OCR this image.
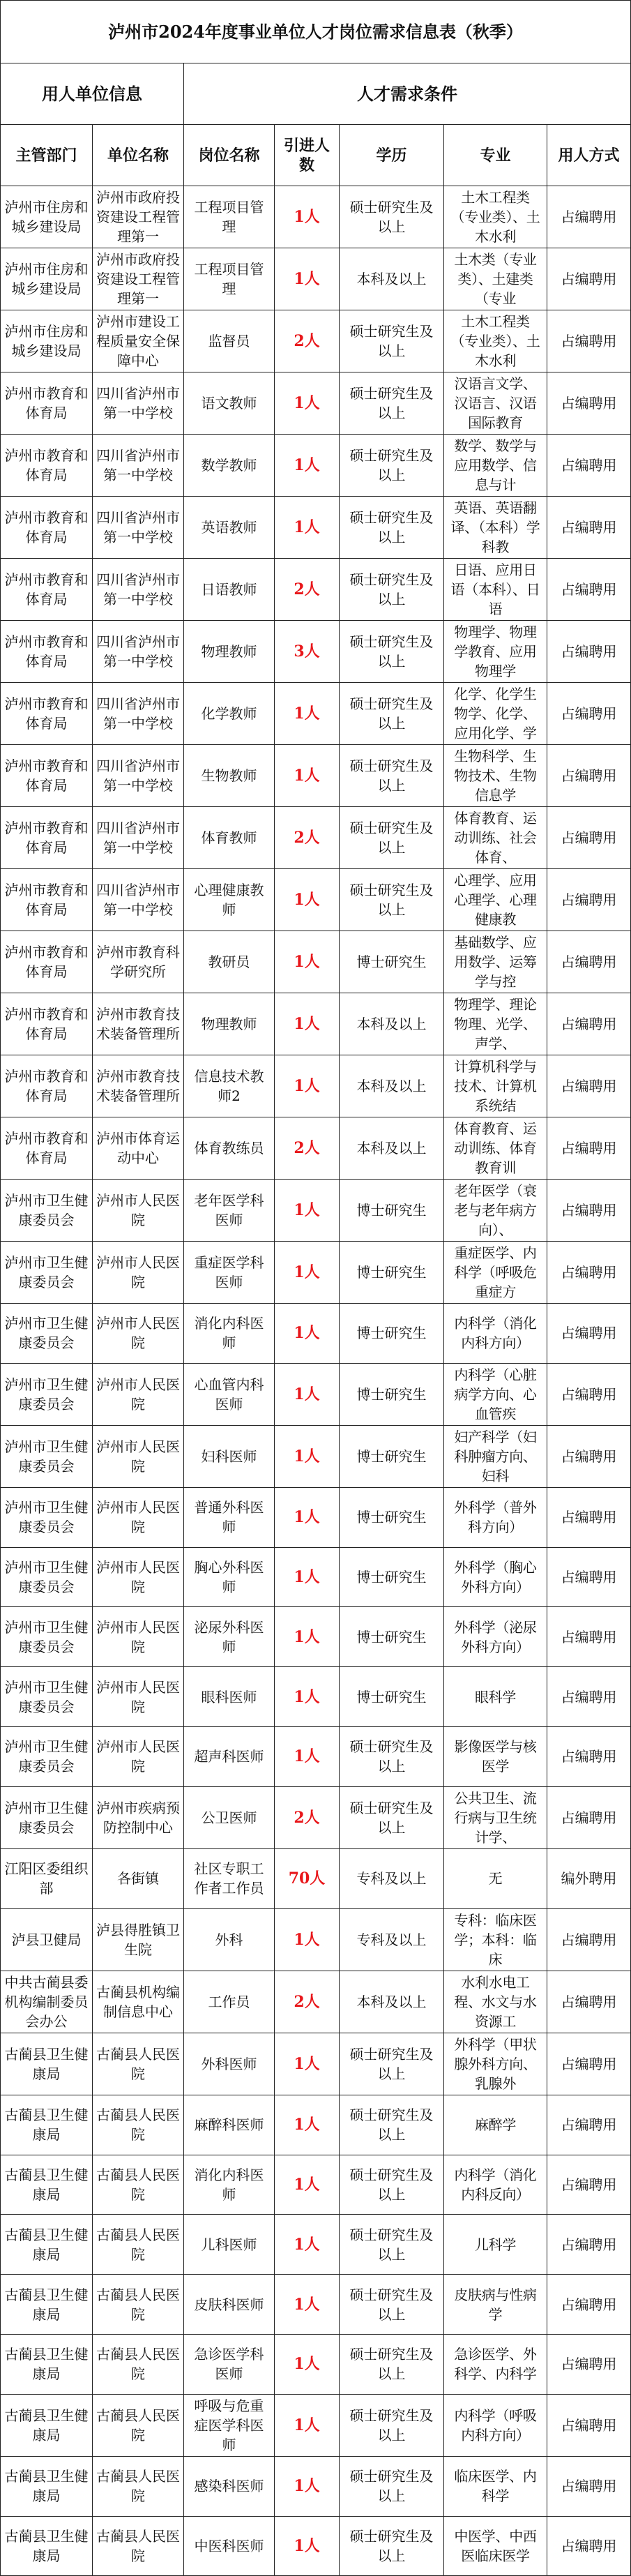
泸州市2024年度事业单位人才岗位需求信息表（秋季）						
用人单位信息		人才需求条件				
主管部门	单位名称	岗位名称	引进人数	学历	专业	用人方式
泸州市住房和城乡建设局	泸州市政府投资建设工程管理第一	工程项目管理	1人	硕士研究生及以上	土木工程类（专业类）、土木水利	占编聘用
泸州市住房和城乡建设局	泸州市政府投资建设工程管理第一	工程项目管理	1人	本科及以上	土木类（专业类）、土建类（专业	占编聘用
泸州市住房和城乡建设局	泸州市建设工程质量安全保障中心	监督员	2人	硕士研究生及以上	土木工程类（专业类）、土木水利	占编聘用
泸州市教育和体育局	四川省泸州市第一中学校	语文教师	1人	硕士研究生及以上	汉语言文学、汉语言、汉语国际教育	占编聘用
泸州市教育和体育局	四川省泸州市第一中学校	数学教师	1人	硕士研究生及以上	数学、数学与应用数学、信息与计	占编聘用
泸州市教育和体育局	四川省泸州市第一中学校	英语教师	1人	硕士研究生及以上	英语、英语翻译、（本科）学科教	占编聘用
泸州市教育和体育局	四川省泸州市第一中学校	日语教师	2人	硕士研究生及以上	日语、应用日语（本科）、日语	占编聘用
泸州市教育和体育局	四川省泸州市第一中学校	物理教师	3人	硕士研究生及以上	物理学、物理学教育、应用物理学	占编聘用
泸州市教育和体育局	四川省泸州市第一中学校	化学教师	1人	硕士研究生及以上	化学、化学生物学、化学、应用化学、学	占编聘用
泸州市教育和体育局	四川省泸州市第一中学校	生物教师	1人	硕士研究生及以上	生物科学、生物技术、生物信息学	占编聘用
泸州市教育和体育局	四川省泸州市第一中学校	体育教师	2人	硕士研究生及以上	体育教育、运动训练、社会体育、	占编聘用
泸州市教育和体育局	四川省泸州市第一中学校	心理健康教师	1人	硕士研究生及以上	心理学、应用心理学、心理健康教	占编聘用
泸州市教育和体育局	泸州市教育科学研究所	教研员	1人	博士研究生	基础数学、应用数学、运筹学与控	占编聘用
泸州市教育和体育局	泸州市教育技术装备管理所	物理教师	1人	本科及以上	物理学、理论物理、光学、声学、	占编聘用
泸州市教育和体育局	泸州市教育技术装备管理所	信息技术教师2	1人	本科及以上	计算机科学与技术、计算机系统结	占编聘用
泸州市教育和体育局	泸州市体育运动中心	体育教练员	2人	本科及以上	体育教育、运动训练、体育教育训	占编聘用
泸州市卫生健康委员会	泸州市人民医院	老年医学科医师	1人	博士研究生	老年医学（衰老与老年病方向）、	占编聘用
泸州市卫生健康委员会	泸州市人民医院	重症医学科医师	1人	博士研究生	重症医学、内科学（呼吸危重症方	占编聘用
泸州市卫生健康委员会	泸州市人民医院	消化内科医师	1人	博士研究生	内科学（消化内科方向）	占编聘用
泸州市卫生健康委员会	泸州市人民医院	心血管内科医师	1人	博士研究生	内科学（心脏病学方向、心血管疾	占编聘用
泸州市卫生健康委员会	泸州市人民医院	妇科医师	1人	博士研究生	妇产科学（妇科肿瘤方向、妇科	占编聘用
泸州市卫生健康委员会	泸州市人民医院	普通外科医师	1人	博士研究生	外科学（普外科方向）	占编聘用
泸州市卫生健康委员会	泸州市人民医院	胸心外科医师	1人	博士研究生	外科学（胸心外科方向）	占编聘用
泸州市卫生健康委员会	泸州市人民医院	泌尿外科医师	1人	博士研究生	外科学（泌尿外科方向）	占编聘用
泸州市卫生健康委员会	泸州市人民医院	眼科医师	1人	博士研究生	眼科学	占编聘用
泸州市卫生健康委员会	泸州市人民医院	超声科医师	1人	硕士研究生及以上	影像医学与核医学	占编聘用
泸州市卫生健康委员会	泸州市疾病预防控制中心	公卫医师	2人	硕士研究生及以上	公共卫生、流行病与卫生统计学、	占编聘用
江阳区委组织部	各街镇	社区专职工作者工作员	70人	专科及以上	无	编外聘用
泸县卫健局	泸县得胜镇卫生院	外科	1人	专科及以上	专科：临床医学；本科：临床	占编聘用
中共古蔺县委机构编制委员会办公	古蔺县机构编制信息中心	工作员	2人	本科及以上	水利水电工程、水文与水资源工	占编聘用
古蔺县卫生健康局	古蔺县人民医院	外科医师	1人	硕士研究生及以上	外科学（甲状腺外科方向、乳腺外	占编聘用
古蔺县卫生健康局	古蔺县人民医院	麻醉科医师	1人	硕士研究生及以上	麻醉学	占编聘用
古蔺县卫生健康局	古蔺县人民医院	消化内科医师	1人	硕士研究生及以上	内科学（消化内科反向）	占编聘用
古蔺县卫生健康局	古蔺县人民医院	儿科医师	1人	硕士研究生及以上	儿科学	占编聘用
古蔺县卫生健康局	古蔺县人民医院	皮肤科医师	1人	硕士研究生及以上	皮肤病与性病学	占编聘用
古蔺县卫生健康局	古蔺县人民医院	急诊医学科医师	1人	硕士研究生及以上	急诊医学、外科学、内科学	占编聘用
古蔺县卫生健康局	古蔺县人民医院	呼吸与危重症医学科医师	1人	硕士研究生及以上	内科学（呼吸内科方向）	占编聘用
古蔺县卫生健康局	古蔺县人民医院	感染科医师	1人	硕士研究生及以上	临床医学、内科学	占编聘用
古蔺县卫生健康局	古蔺县人民医院	中医科医师	1人	硕士研究生及以上	中医学、中西医临床医学	占编聘用
